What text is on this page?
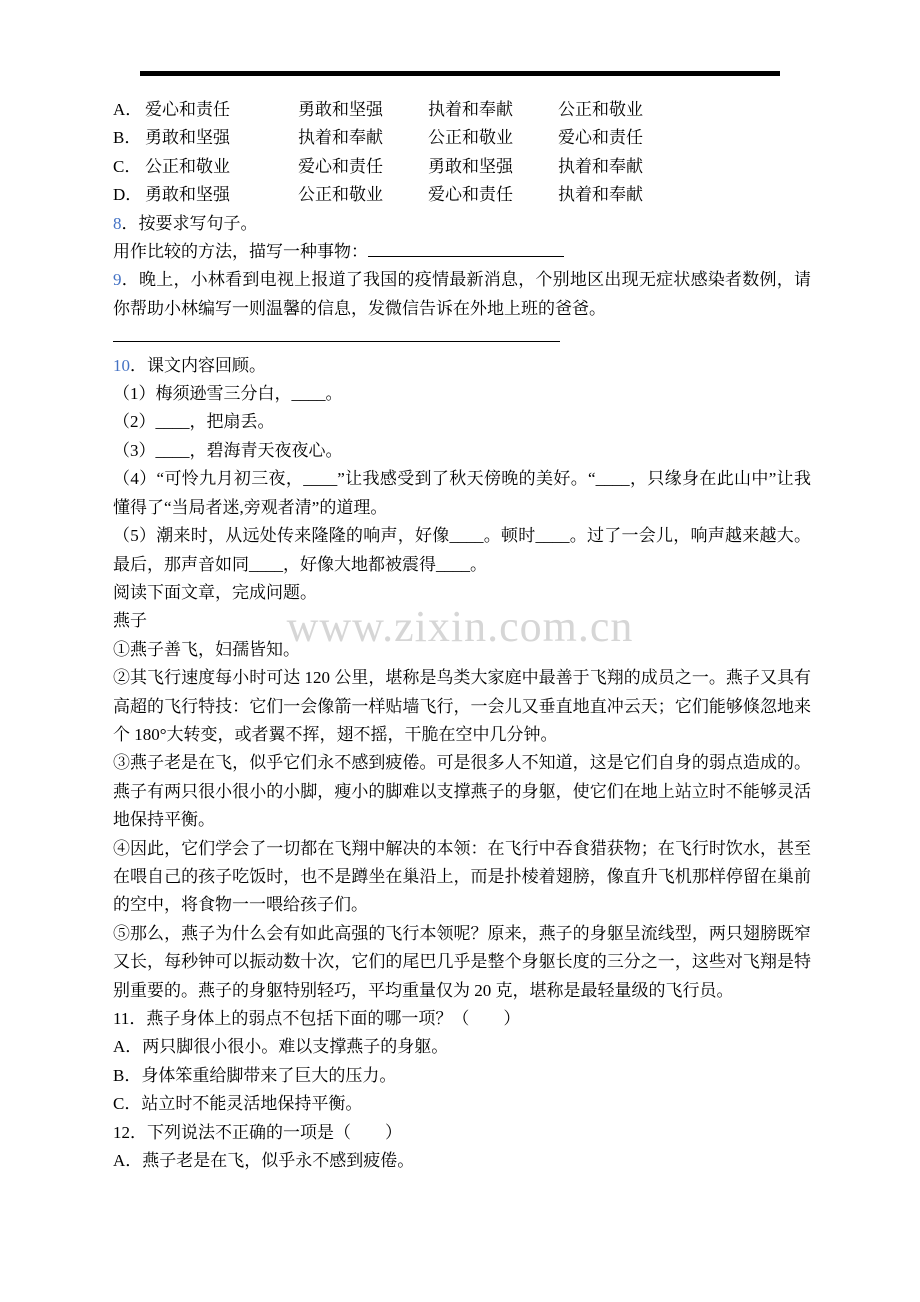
www.zixin.com.cn
A． 爱心和责任	勇敢和坚强	执着和奉献	公正和敬业
B． 勇敢和坚强	执着和奉献	公正和敬业	爱心和责任
C． 公正和敬业	爱心和责任	勇敢和坚强	执着和奉献
D． 勇敢和坚强	公正和敬业	爱心和责任	执着和奉献

8．按要求写句子。

用作比较的方法，描写一种事物：

9．晚上，小林看到电视上报道了我国的疫情最新消息，个别地区出现无症状感染者数例，请你帮助小林编写一则温馨的信息，发微信告诉在外地上班的爸爸。

10．课文内容回顾。

（1）梅须逊雪三分白，____。

（2）____，把扇丢。

（3）____，碧海青天夜夜心。

（4）“可怜九月初三夜，____”让我感受到了秋天傍晚的美好。“____，只缘身在此山中”让我懂得了“当局者迷,旁观者清”的道理。

（5）潮来时，从远处传来隆隆的响声，好像____。顿时____。过了一会儿，响声越来越大。最后，那声音如同____，好像大地都被震得____。

阅读下面文章，完成问题。

燕子

①燕子善飞，妇孺皆知。

②其飞行速度每小时可达 120 公里，堪称是鸟类大家庭中最善于飞翔的成员之一。燕子又具有高超的飞行特技：它们一会像箭一样贴墙飞行，一会儿又垂直地直冲云天；它们能够倏忽地来个 180°大转变，或者翼不挥，翅不摇，干脆在空中几分钟。

③燕子老是在飞，似乎它们永不感到疲倦。可是很多人不知道，这是它们自身的弱点造成的。燕子有两只很小很小的小脚，瘦小的脚难以支撑燕子的身躯，使它们在地上站立时不能够灵活地保持平衡。

④因此，它们学会了一切都在飞翔中解决的本领：在飞行中吞食猎获物；在飞行时饮水，甚至在喂自己的孩子吃饭时，也不是蹲坐在巢沿上，而是扑棱着翅膀，像直升飞机那样停留在巢前的空中，将食物一一喂给孩子们。

⑤那么，燕子为什么会有如此高强的飞行本领呢？原来，燕子的身躯呈流线型，两只翅膀既窄又长，每秒钟可以振动数十次，它们的尾巴几乎是整个身躯长度的三分之一，这些对飞翔是特别重要的。燕子的身躯特别轻巧，平均重量仅为 20 克，堪称是最轻量级的飞行员。

11．燕子身体上的弱点不包括下面的哪一项？（　　）

A．两只脚很小很小。难以支撑燕子的身躯。

B．身体笨重给脚带来了巨大的压力。

C．站立时不能灵活地保持平衡。

12．下列说法不正确的一项是（　　）

A．燕子老是在飞，似乎永不感到疲倦。
